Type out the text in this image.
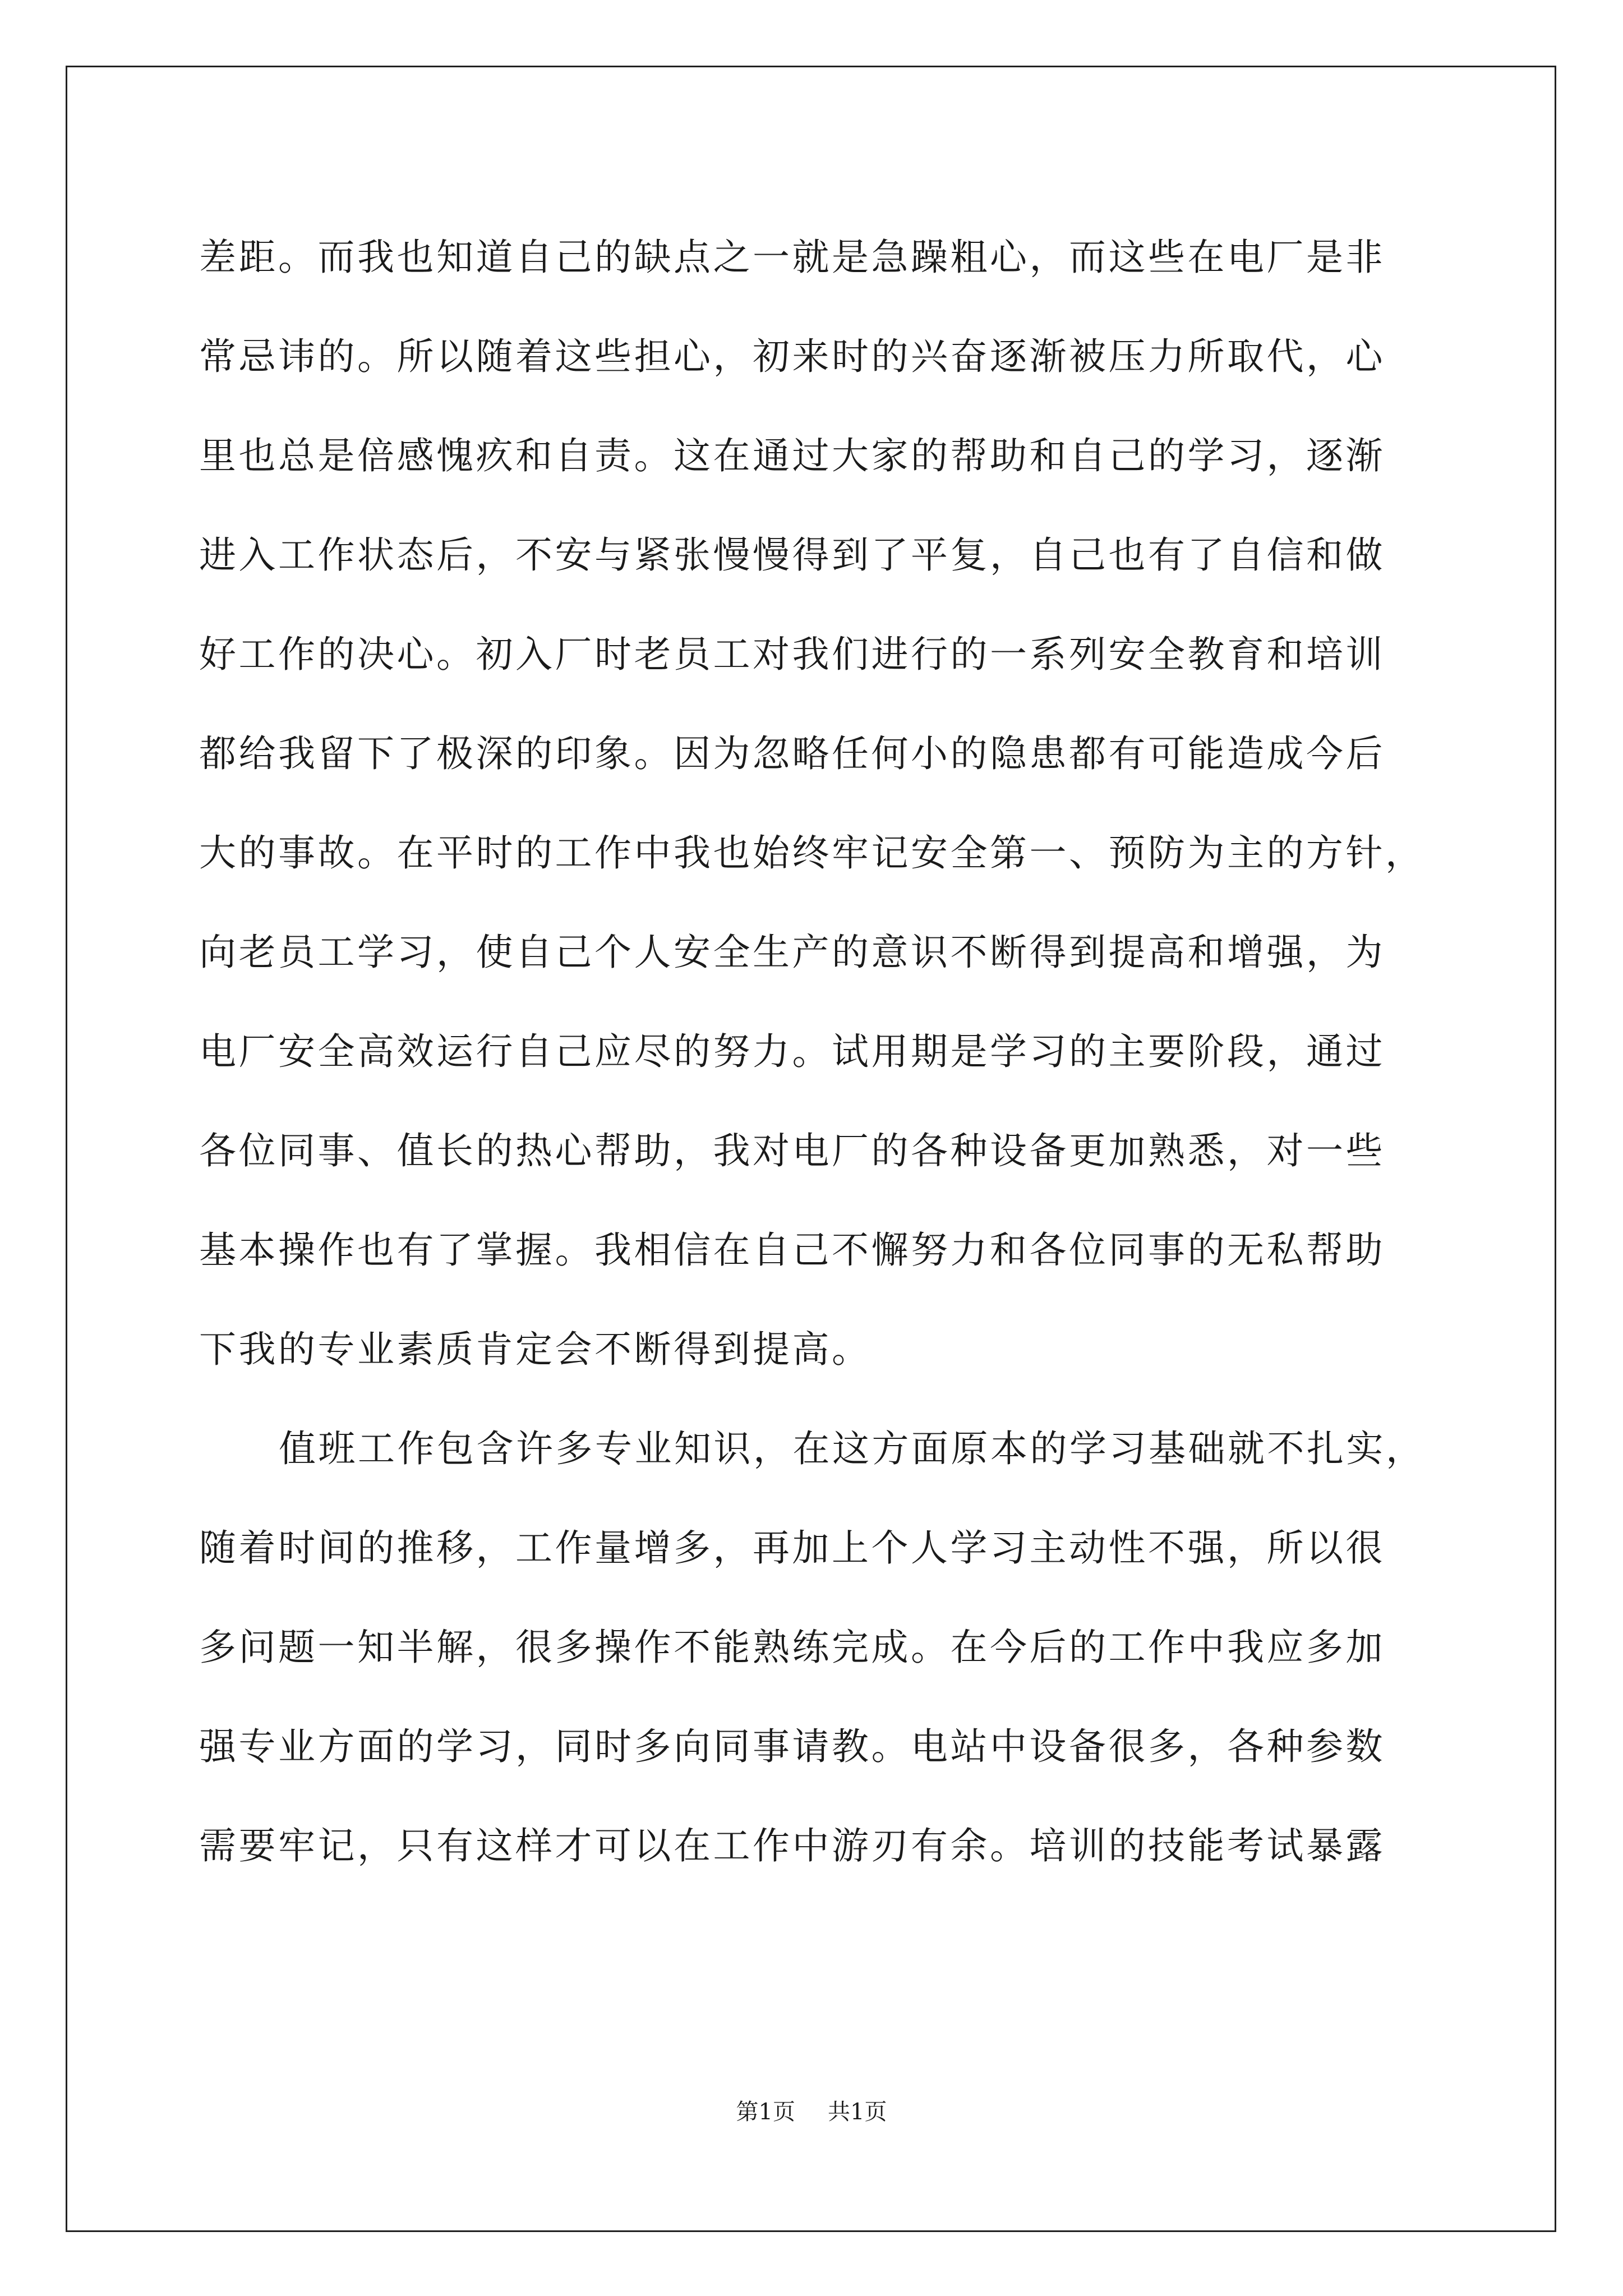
差距。而我也知道自己的缺点之一就是急躁粗心，而这些在电厂是非
常忌讳的。所以随着这些担心，初来时的兴奋逐渐被压力所取代，心
里也总是倍感愧疚和自责。这在通过大家的帮助和自己的学习，逐渐
进入工作状态后，不安与紧张慢慢得到了平复，自己也有了自信和做
好工作的决心。初入厂时老员工对我们进行的一系列安全教育和培训
都给我留下了极深的印象。因为忽略任何小的隐患都有可能造成今后
大的事故。在平时的工作中我也始终牢记安全第一、预防为主的方针，
向老员工学习，使自己个人安全生产的意识不断得到提高和增强，为
电厂安全高效运行自己应尽的努力。试用期是学习的主要阶段，通过
各位同事、值长的热心帮助，我对电厂的各种设备更加熟悉，对一些
基本操作也有了掌握。我相信在自己不懈努力和各位同事的无私帮助
下我的专业素质肯定会不断得到提高。
值班工作包含许多专业知识，在这方面原本的学习基础就不扎实，
随着时间的推移，工作量增多，再加上个人学习主动性不强，所以很
多问题一知半解，很多操作不能熟练完成。在今后的工作中我应多加
强专业方面的学习，同时多向同事请教。电站中设备很多，各种参数
需要牢记，只有这样才可以在工作中游刃有余。培训的技能考试暴露
第1页 共1页
